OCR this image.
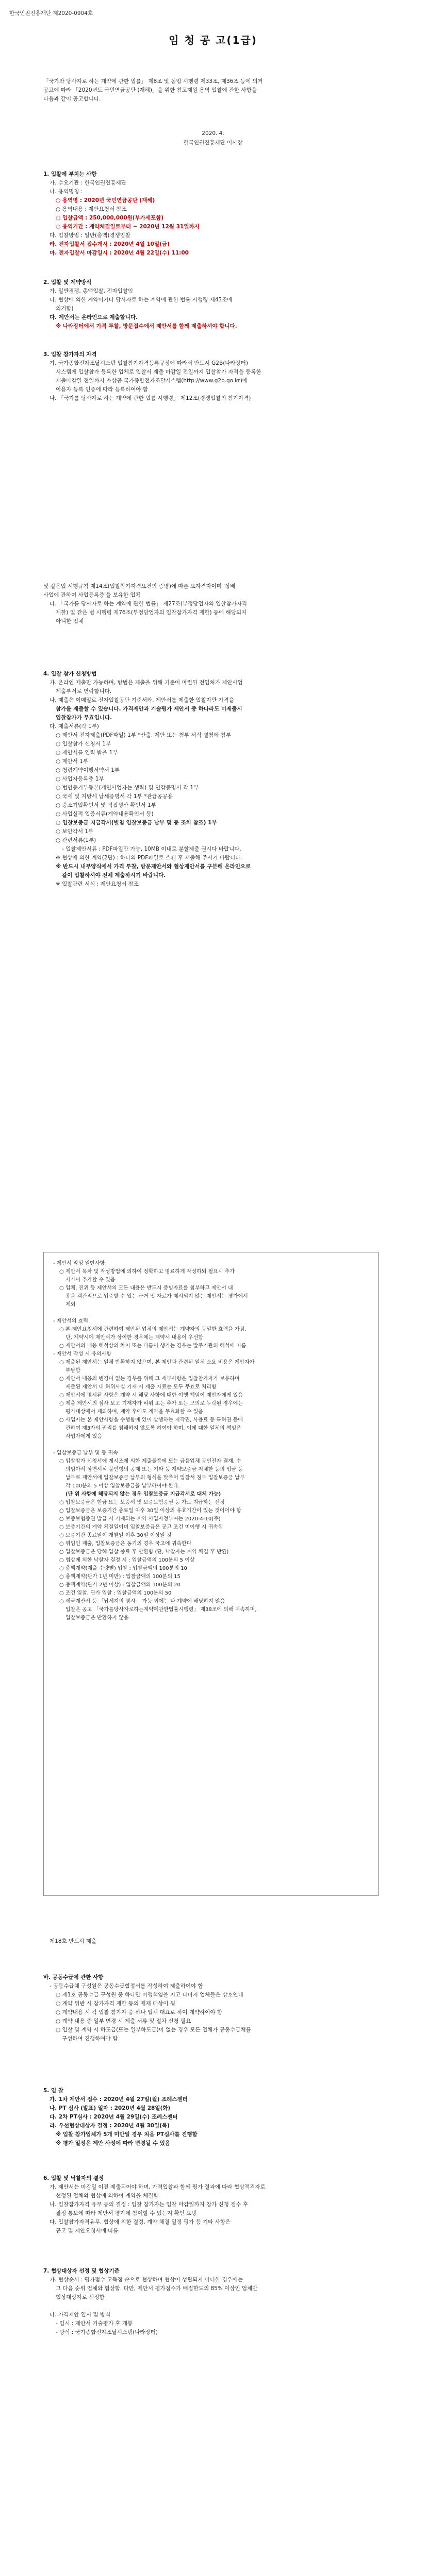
한국인권진흥재단 제2020-0904호
임 청 공 고(1급)
「국가와 당사자로 하는 계약에 관한 법률」 제8조 및 동법 시행령 제33조, 제36조 등에 의거
공고에 따라 「2020년도 국민연금공단 (재해)」을 위한 참고재원 용역 입찰에 관한 사항을
다음과 같이 공고합니다.
2020. 4.
한국인권진흥재단 이사장
1. 입찰에 부치는 사항
가. 수요기관 : 한국인권진흥재단
나. 용역명칭 :
○ 용역명 : 2020년 국민연금공단 (재해)
○ 용역내용 : 제안요청서 참조
○ 입찰금액 : 250,000,000원(부가세포함)
○ 용역기간 : 계약체결일로부터 ~ 2020년 12월 31일까지
다. 입찰방법 : 일반(총액)경쟁입찰
라. 전자입찰서 접수개시 : 2020년 4월 10일(금)
마. 전자입찰서 마감일시 : 2020년 4월 22일(수) 11:00
2. 입찰 및 계약방식
가. 일반경쟁, 총액입찰, 전자입찰임
나. 협상에 의한 계약이거나 당사자로 하는 계약에 관한 법률 시행령 제43조에
의거함)
다. 제안서는 온라인으로 제출합니다.
※ 나라장터에서 가격 투찰, 방문접수에서 제안서를 함께 제출하셔야 합니다.
3. 입찰 참가자의 자격
가. 국가종합전자조달시스템 입찰참가자격등록규정에 따라서 반드시 G2B(나라장터)
시스템에 입찰참가 등록한 업체로 입찰서 제출 마감일 전일까지 입찰참가 자격을 등록한
제출마감일 전일까지 소상공 국가종합전자조달시스템(http://www.g2b.go.kr)에
이용자 등록 인증에 따라 등록하여야 함
나. 「국가를 당사자로 하는 계약에 관한 법률 시행령」 제12조(경쟁입찰의 참가자격)
및 같은법 시행규칙 제14조(입찰참가자격요건의 증명)에 따른 요자격자이며 '상배
사업에 관하여 사업등록증'을 보유한 업체
다. 「국가를 당사자로 하는 계약에 관한 법률」 제27조(부정당업자의 입찰참가자격
제한) 및 같은 법 시행령 제76조(부정당업자의 입찰참가자격 제한) 등에 해당되지
아니한 업체
4. 입찰 참가 신청방법
가. 온라인 제출만 가능하며, 방법은 제출을 위해 기준이 마련된 전입처가 제안사업
제출부서로 연락합니다.
나. 제출은 이메일로 전자입찰공단 기준서와, 제안서를 제출한 입찰자만 가격을
참가를 제출할 수 있습니다. 가격제안과 기술평가 제안서 중 하나라도 미제출시
입찰참가가 무효입니다.
다. 제출서류(각 1부)
○ 제안서 전자제출(PDF파일) 1부 *산출, 제안 또는 첨부 서식 별첨에 참부
○ 입찰참가 신청서 1부
○ 제안서를 입력 받을 1부
○ 제안서 1부
○ 청렴계약이행서약서 1부
○ 사업자등록증 1부
○ 법인등기부등본(개인사업자는 생략) 및 인감증명서 각 1부
○ 국세 및 지방세 납세증명서 각 1부 *관급공공용
○ 중소기업확인서 및 직접생산 확인서 1부
○ 사업실적 입증서류(계약내용확인서 등)
○ 입찰보증금 지급각서(별첨 입찰보증금 납부 및 등 조치 참조) 1부
○ 보안각서 1부
○ 관련서류(1부)
- 입찰제안서류 : PDF파일만 가능, 10MB 이내로 분할제출 권시다 바랍니다.
※ 협상에 의한 계약(2단) : 하나의 PDF파일로 스캔 후 제출해 주시기 바랍니다.
※ 반드시 내부양식에서 가격 투찰, 방문제안서와 협상제안서를 구분해 온라인으로
같이 입찰하셔야 전체 제출하시기 바랍니다.
※ 입찰관련 서식 : 제안요청서 참조
- 제안서 작성 일반사항
○ 제안서 목차 및 작성방법에 의하여 정확하고 명료하게 작성하되 필요시 추가
자가이 추가할 수 있음
○ 업체, 진위 등 제안서의 모든 내용은 반드시 증빙자료를 첨부하고 제안서 내
용을 객관적으로 입증할 수 있는 근거 및 자료가 제시되지 않는 제안서는 평가에서
제외
- 제안서의 효력
○ 본 제안요청서에 관련하여 제안된 업체의 제안서는 계약자의 동일한 효력을 가짐.
단, 계약시에 제안서가 상이한 경우에는 계약서 내용이 우선함
○ 제안서의 내용 해석상의 차이 또는 다툼이 생기는 경우는 발주기관의 해석에 따름
- 제안서 작성 시 유의사항
○ 제출된 제안서는 일체 반환하지 않으며, 본 제안과 관련된 일체 소요 비용은 제안자가
부담함
○ 제안서 내용의 변경이 없는 경우를 위해 그 세부사항은 입찰참가자가 보유하며
제출된 제안서 내 허위사실 기재 시 제출 자료는 모두 무효로 처리함
○ 제안서에 명시된 사항은 계약 시 해당 사항에 대한 이행 책임이 제안자에게 있음
○ 제출 제안서의 심사 보고 기재자가 허위 또는 추가 또는 고의로 누락된 경우에는
평가대상에서 제외하며, 계약 후에도 계약을 무효화할 수 있음
○ 사업자는 본 제안사항을 수행함에 있어 발생하는 저작권, 사용료 등 특허권 등에
관하여 제3자의 권리를 침해하지 않도록 하여야 하며, 이에 대한 일체의 책임은
사업자에게 있음
- 입찰보증금 납부 및 등 귀속
○ 입찰참가 신청서에 제시조에 의한 제출물품에 또는 금융업체 공인전자 결재, 수
의임아서 상면서식 불인형의 공제 또는 기타 등 계약보증금 지체한 등의 입금 등
납부로 제안서에 입찰보증금 납부의 형식을 맞추어 입찰서 첨부 입찰보증금 납부
각 100분의 5 이상 입찰보증금을 납부하여야 한다.
(단 위 사항에 해당되지 않는 경우 입찰보증금 지급각서로 대체 가능)
○ 입찰보증금은 현금 또는 보증서 및 보증보험증권 등 가로 지급하는 선정
○ 입찰보증금은 보증기간 종료일 이후 30일 이상의 유효기간이 있는 것이어야 함
○ 보증보험증권 발급 시 기재되는 계약 사업자정부여는 2020-4-10(주)
○ 보증기간의 계약 체결일이며 입찰보증금은 공고 조건 미이행 시 귀속됨
○ 보증기간 종료일이 개찰일 이후 30일 이상일 것
○ 위임인 제출, 입찰보증금은 동기의 경우 국고에 귀속한다
○ 입찰보증금은 당해 입찰 종료 후 반환함 (단, 낙찰자는 계약 체결 후 반환)
○ 협상에 의한 낙찰자 결정 시 : 입찰금액의 100분의 5 이상
○ 총액계약(제출 수량별) 입찰 : 입찰금액의 100분의 10
○ 총액계약(단가 1년 미만) : 입찰금액의 100분의 15
○ 총액계약(단가 2년 이상) : 입찰금액의 100분의 20
○ 조건 입찰, 단가 입찰 : 입찰금액의 100분의 50
○ 세금계산서 등 「납세지의 명시」 가능 외에는 나 계약에 해당하지 않음
입찰은 공고 「국가를당사자로하는계약에관한법률시행령」 제38조에 의해 귀속하며,
입찰보증금은 반환하지 않음
제18호 반드시 제출
바. 공동수급에 관한 사항
- 공동수급체 구성원은 공동수급협정서를 작성하여 제출하여야 함
○ 제1호 공동수급 구성원 중 하나만 이행책임을 지고 나머지 업체들은 상호연대
○ 계약 위반 시 참가자격 제한 등의 제재 대상이 됨
○ 계약내용 시 각 입찰 참가자 중 하나 업체 대표로 하여 계약하여야 함
○ 계약 내용 중 일부 변경 시 제출 서류 및 절차 신청 필요
○ 입찰 및 계약 시 하도급(또는 일부하도급)이 없는 경우 모든 업체가 공동수급체를
구성하여 진행하여야 함
5. 입 찰
가. 1차 제안서 접수 : 2020년 4월 27일(월) 조례스젠터
나. PT 심사 (발표) 일자 : 2020년 4월 28일(화)
다. 2차 PT심사 : 2020년 4월 29일(수) 조례스젠터
라. 우선협상대상자 결정 : 2020년 4월 30일(목)
※ 입찰 참가업체가 5개 미만일 경우 처음 PT심사를 진행함
※ 평가 일정은 제안 사정에 따라 변경될 수 있음
6. 입찰 및 낙찰자의 결정
가. 제안서는 마감일 이전 제출되어야 하며, 가격입찰과 함께 평가 결과에 따라 협상적격자로
선정된 업체와 협상에 의하여 계약을 체결함
나. 입찰참가자격 유무 등의 결정 : 입찰 참가자는 입찰 마감일까지 참가 신청 접수 후
결정 통보에 따라 제안서 평가에 참여할 수 있는지 확인 요망
다. 입찰참가자격유무, 협상에 의한 결정, 계약 체결 일정 평가 등 기타 사항은
공고 및 제안요청서에 따름
7. 협상대상자 선정 및 협상기준
가. 협상순서 : 평가점수 고득점 순으로 협상하며 협상이 성립되지 아니한 경우에는
그 다음 순위 업체와 협상함. 다만, 제안서 평가점수가 배점한도의 85% 이상인 업체만
협상대상자로 선정함
나. 가격제안 입시 및 방식
- 입시 : 제안서 기술평가 후 개봉
- 방식 : 국가종합전자조달시스템(나라장터)
